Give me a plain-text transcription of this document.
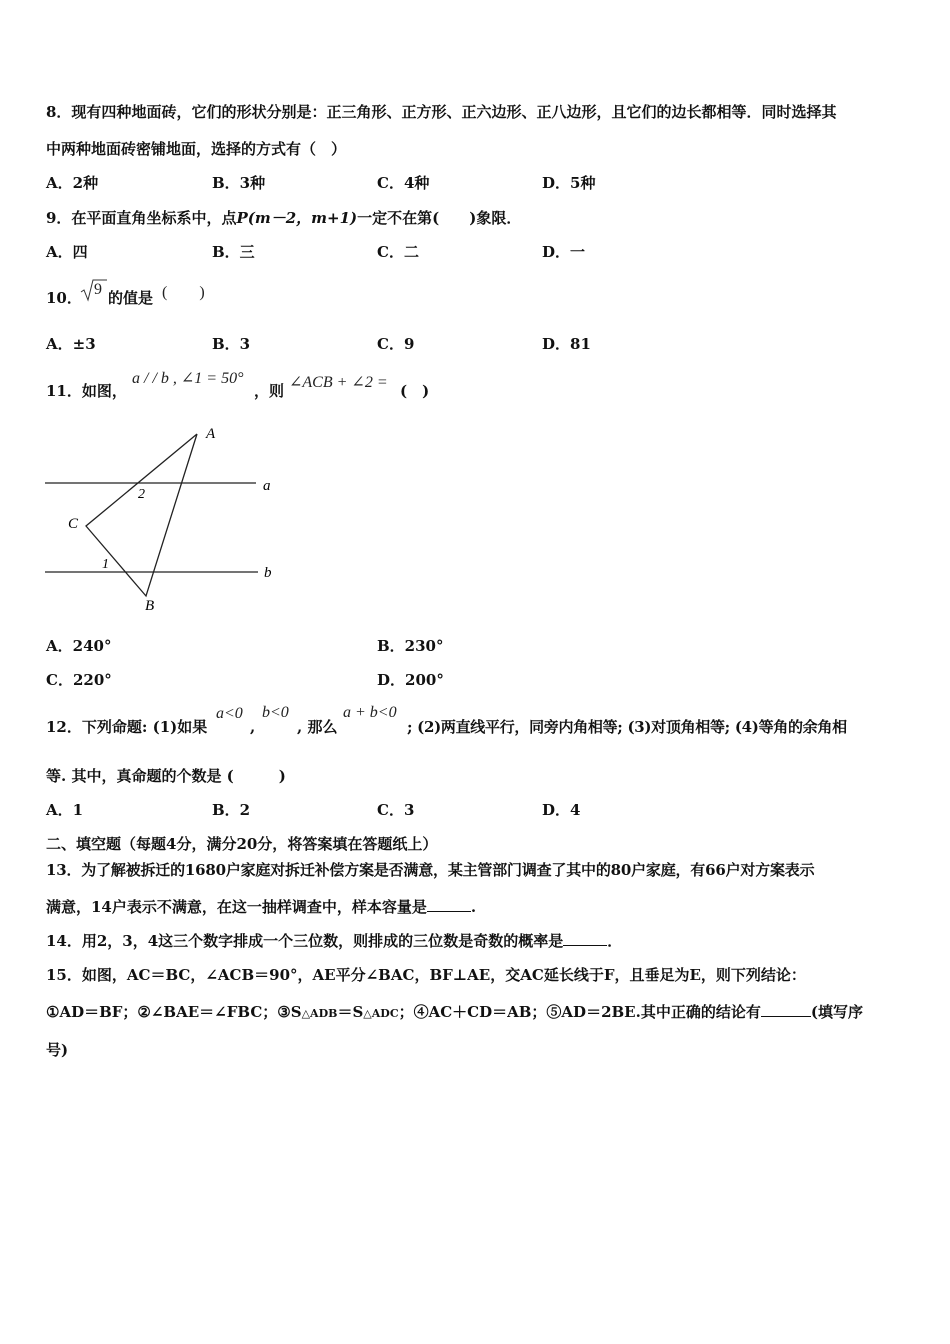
8．现有四种地面砖，它们的形状分别是：正三角形、正方形、正六边形、正八边形，且它们的边长都相等．同时选择其
中两种地面砖密铺地面，选择的方式有（　）
A．2种	B．3种	C．4种	D．5种
9．在平面直角坐标系中，点P(m－2，m+1)一定不在第(　　)象限．
A．四	B．三	C．二	D．一
10． 9 的值是 (　　)
A．±3	B．3	C．9	D．81
11．如图，
a / / b , ∠1 = 50°
，则 ∠ACB + ∠2 = (　)
A
2
a
C
1
b
B
A．240°	B．230°
C．220°	D．200°
12．下列命题: (1)如果
a<0
,
b<0
, 那么
a + b<0
; (2)两直线平行，同旁内角相等; (3)对顶角相等; (4)等角的余角相
等. 其中，真命题的个数是 (　　　)
A．1	B．2	C．3	D．4
二、填空题（每题4分，满分20分，将答案填在答题纸上）
13．为了解被拆迁的1680户家庭对拆迁补偿方案是否满意，某主管部门调查了其中的80户家庭，有66户对方案表示
满意，14户表示不满意，在这一抽样调查中，样本容量是	.
14．用2，3，4这三个数字排成一个三位数，则排成的三位数是奇数的概率是	．
15．如图，AC＝BC，∠ACB＝90°，AE平分∠BAC，BF⊥AE，交AC延长线于F，且垂足为E，则下列结论：
①AD＝BF；②∠BAE＝∠FBC；③S△ADB＝S△ADC；④AC＋CD＝AB；⑤AD＝2BE.其中正确的结论有	(填写序
号)
